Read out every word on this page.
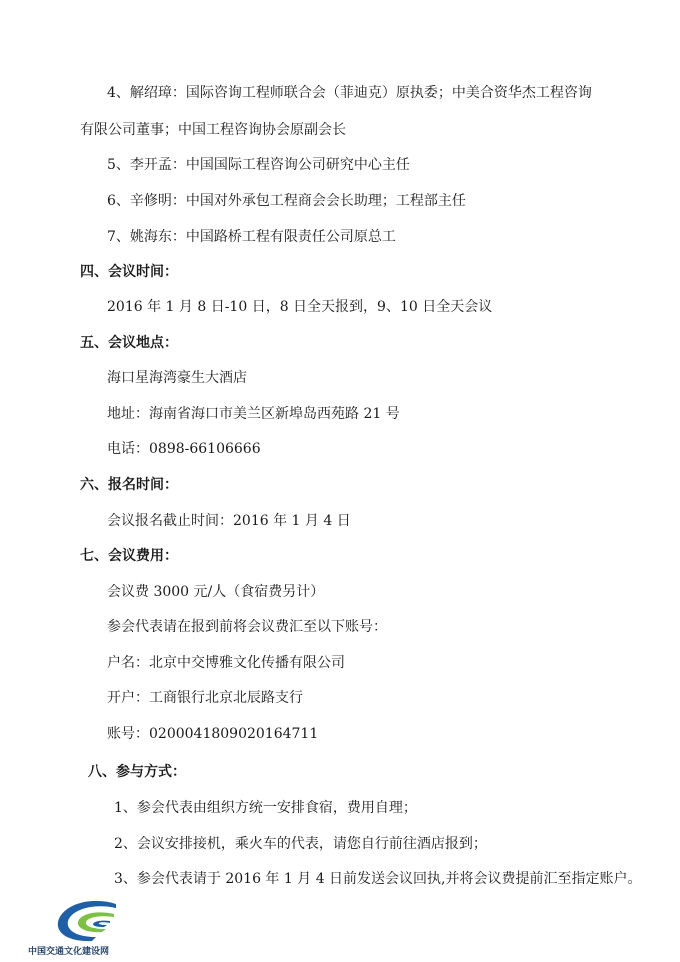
4、解绍璋：国际咨询工程师联合会（菲迪克）原执委；中美合资华杰工程咨询
有限公司董事；中国工程咨询协会原副会长
5、李开孟：中国国际工程咨询公司研究中心主任
6、辛修明：中国对外承包工程商会会长助理；工程部主任
7、姚海东：中国路桥工程有限责任公司原总工
四、会议时间：
2016 年 1 月 8 日-10 日，8 日全天报到，9、10 日全天会议
五、会议地点：
海口星海湾豪生大酒店
地址：海南省海口市美兰区新埠岛西苑路 21 号
电话：0898-66106666
六、报名时间：
会议报名截止时间：2016 年 1 月 4 日
七、会议费用：
会议费 3000 元/人（食宿费另计）
参会代表请在报到前将会议费汇至以下账号：
户名：北京中交博雅文化传播有限公司
开户：工商银行北京北辰路支行
账号：0200041809020164711
八、参与方式：
1、参会代表由组织方统一安排食宿，费用自理；
2、会议安排接机，乘火车的代表，请您自行前往酒店报到；
3、参会代表请于 2016 年 1 月 4 日前发送会议回执,并将会议费提前汇至指定账户。
中国交通文化建设网
